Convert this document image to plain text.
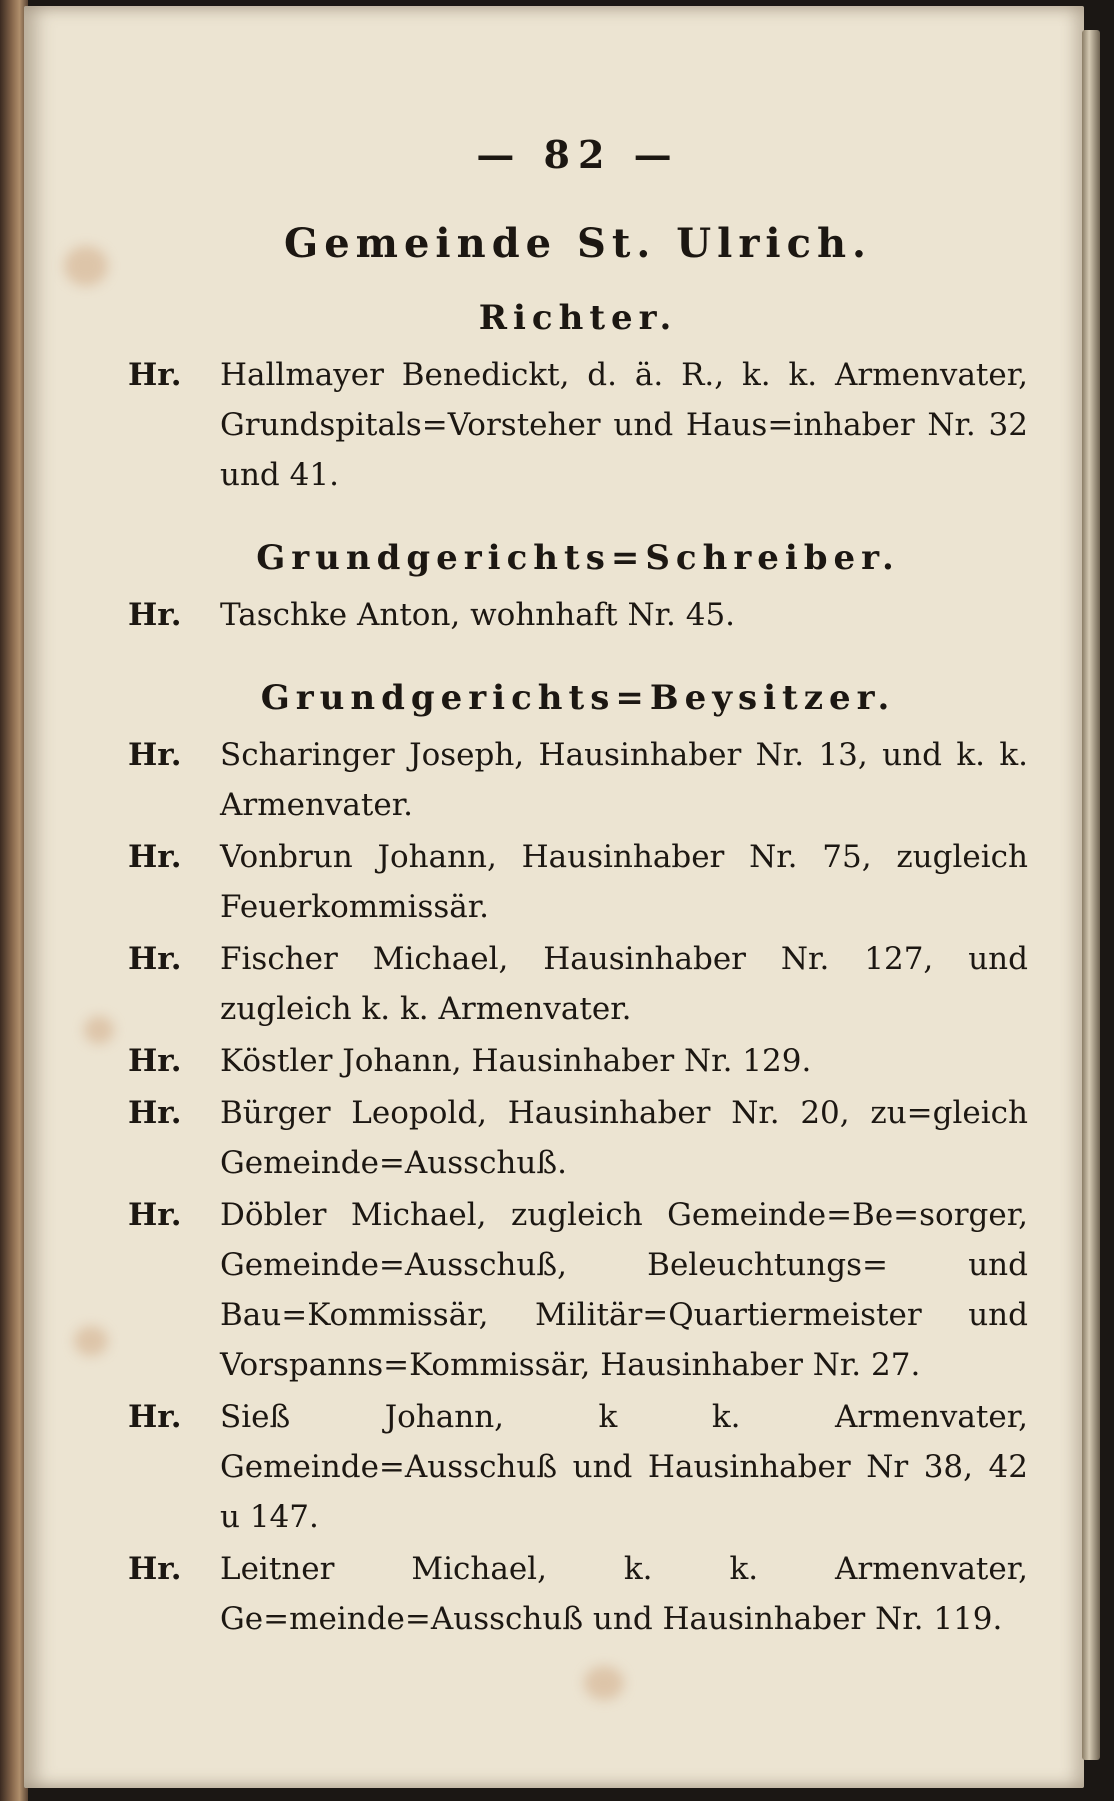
— 82 —
Gemeinde St. Ulrich.
Richter.
Hr. Hallmayer Benedickt, d. ä. R., k. k. Armenvater, Grundspitals=Vorsteher und Haus=inhaber Nr. 32 und 41.
Grundgerichts=Schreiber.
Hr. Taschke Anton, wohnhaft Nr. 45.
Grundgerichts=Beysitzer.
Hr. Scharinger Joseph, Hausinhaber Nr. 13, und k. k. Armenvater.
Hr. Vonbrun Johann, Hausinhaber Nr. 75, zugleich Feuerkommissär.
Hr. Fischer Michael, Hausinhaber Nr. 127, und zugleich k. k. Armenvater.
Hr. Köstler Johann, Hausinhaber Nr. 129.
Hr. Bürger Leopold, Hausinhaber Nr. 20, zu=gleich Gemeinde=Ausschuß.
Hr. Döbler Michael, zugleich Gemeinde=Be=sorger, Gemeinde=Ausschuß, Beleuchtungs= und Bau=Kommissär, Militär=Quartiermeister und Vorspanns=Kommissär, Hausinhaber Nr. 27.
Hr. Sieß Johann, k k. Armenvater, Gemeinde=Ausschuß und Hausinhaber Nr 38, 42 u 147.
Hr. Leitner Michael, k. k. Armenvater, Ge=meinde=Ausschuß und Hausinhaber Nr. 119.
